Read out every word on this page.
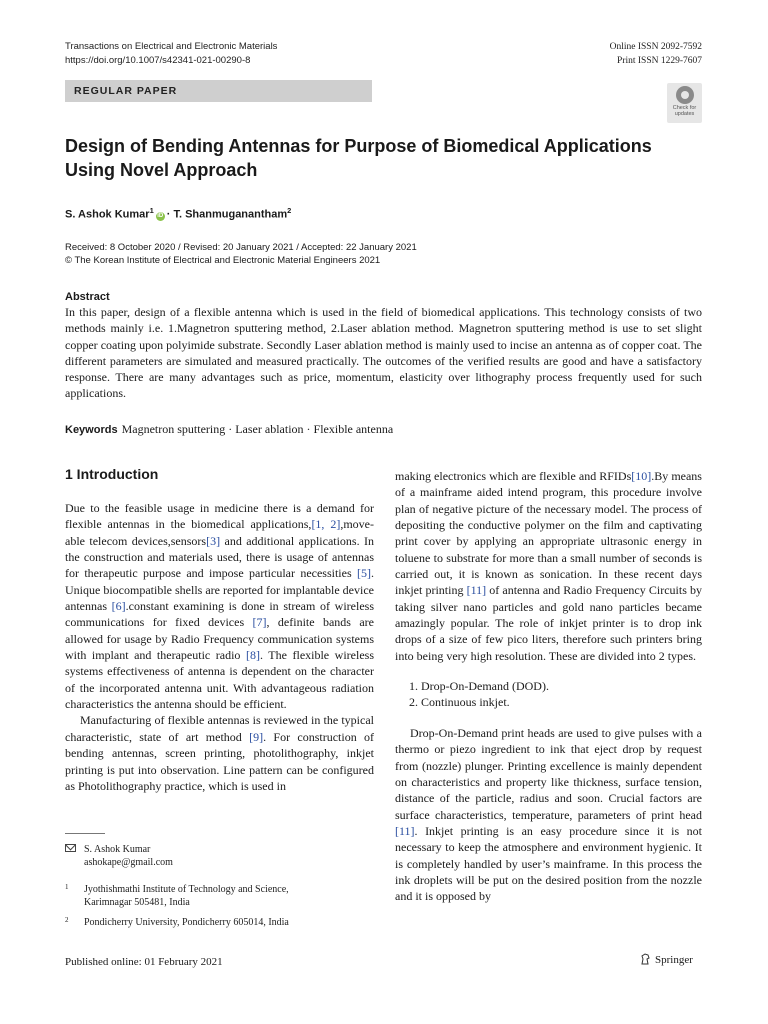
Transactions on Electrical and Electronic Materials
https://doi.org/10.1007/s42341-021-00290-8
Online ISSN 2092-7592
Print ISSN 1229-7607
REGULAR PAPER
Check for
updates
Design of Bending Antennas for Purpose of Biomedical Applications Using Novel Approach
S. Ashok Kumar$^1$iD · T. Shanmuganantham$^2$
Received: 8 October 2020 / Revised: 20 January 2021 / Accepted: 22 January 2021
© The Korean Institute of Electrical and Electronic Material Engineers 2021
Abstract
In this paper, design of a flexible antenna which is used in the field of biomedical applications. This technology consists of two methods mainly i.e. 1.Magnetron sputtering method, 2.Laser ablation method. Magnetron sputtering method is use to set slight copper coating upon polyimide substrate. Secondly Laser ablation method is mainly used to incise an antenna as of copper coat. The different parameters are simulated and measured practically. The outcomes of the verified results are good and have a satisfactory response. There are many advantages such as price, momentum, elasticity over lithography process frequently used for such applications.
Keywords Magnetron sputtering · Laser ablation · Flexible antenna
1 Introduction

Due to the feasible usage in medicine there is a demand for flexible antennas in the biomedical applications,[1, 2],move-able telecom devices,sensors[3] and additional applications. In the construction and materials used, there is usage of antennas for therapeutic purpose and impose particular necessities [5]. Unique biocompatible shells are reported for implantable device antennas [6].constant examining is done in stream of wireless communications for fixed devices [7], definite bands are allowed for usage by Radio Frequency communication systems with implant and therapeutic radio [8]. The flexible wireless systems effectiveness of antenna is dependent on the character of the incorporated antenna unit. With advantageous radiation characteristics the antenna should be efficient.

Manufacturing of flexible antennas is reviewed in the typical characteristic, state of art method [9]. For construction of bending antennas, screen printing, photolithography, inkjet printing is put into observation. Line pattern can be configured as Photolithography practice, which is used in

making electronics which are flexible and RFIDs[10].By means of a mainframe aided intend program, this procedure involve plan of negative picture of the necessary model. The process of depositing the conductive polymer on the film and captivating print cover by applying an appropriate ultrasonic energy in toluene to substrate for more than a small number of seconds is carried out, it is known as sonication. In these recent days inkjet printing [11] of antenna and Radio Frequency Circuits by taking silver nano particles and gold nano particles became amazingly popular. The role of inkjet printer is to drop ink drops of a size of few pico liters, therefore such printers bring into being very high resolution. These are divided into 2 types.

1. Drop-On-Demand (DOD).
2. Continuous inkjet.

Drop-On-Demand print heads are used to give pulses with a thermo or piezo ingredient to ink that eject drop by request from (nozzle) plunger. Printing excellence is mainly dependent on characteristics and property like thickness, surface tension, distance of the particle, radius and soon. Crucial factors are surface characteristics, temperature, parameters of print head [11]. Inkjet printing is an easy procedure since it is not necessary to keep the atmosphere and environment hygienic. It is completely handled by user’s mainframe. In this process the ink droplets will be put on the desired position from the nozzle and it is opposed by

S. Ashok Kumar
ashokape@gmail.com
1	Jyothishmathi Institute of Technology and Science,
Karimnagar 505481, India
2	Pondicherry University, Pondicherry 605014, India
Published online: 01 February 2021	Springer
